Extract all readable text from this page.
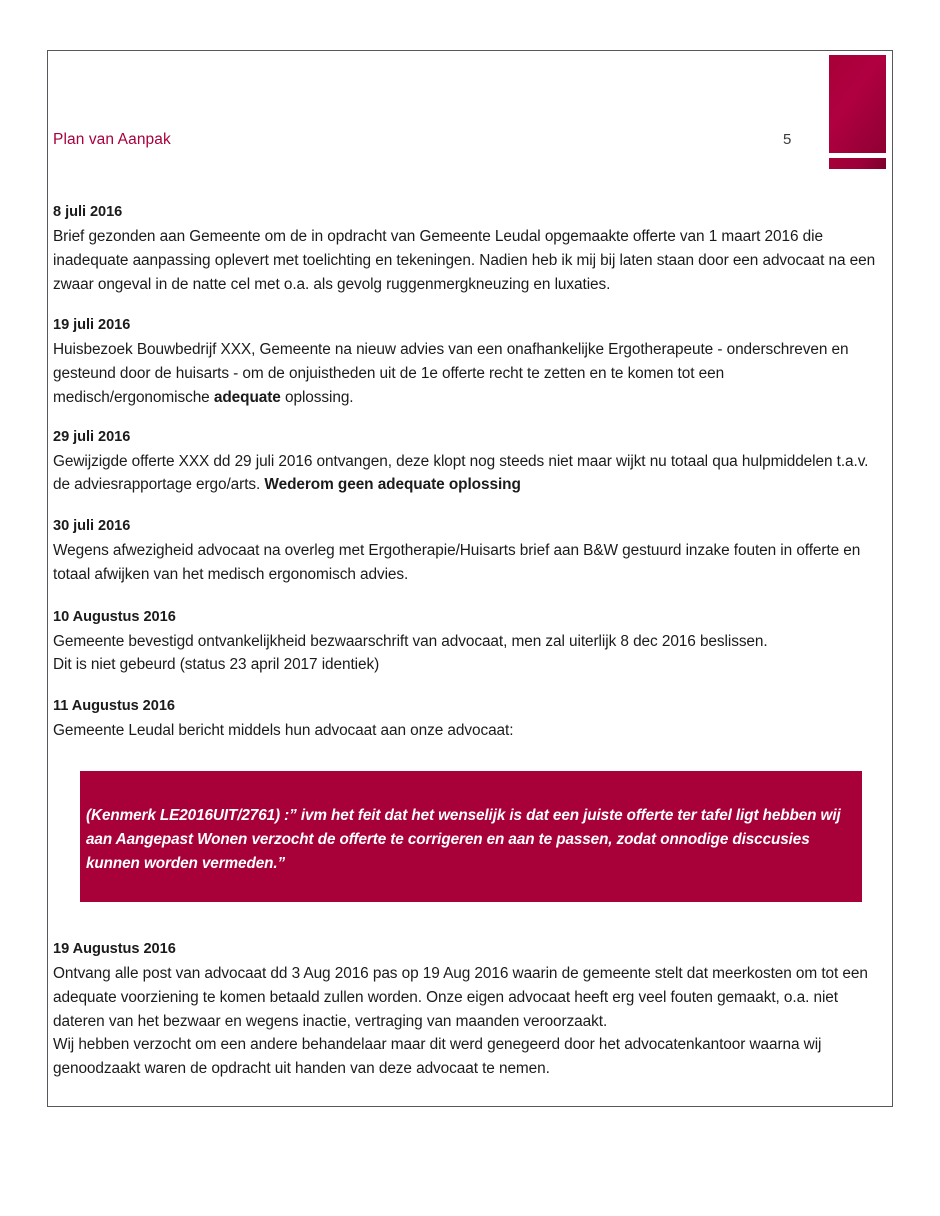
Plan van Aanpak	5

8 juli 2016

Brief gezonden aan Gemeente om de in opdracht van Gemeente Leudal opgemaakte offerte van 1 maart 2016 die inadequate aanpassing oplevert met toelichting en tekeningen. Nadien heb ik mij bij laten staan door een advocaat na een zwaar ongeval in de natte cel met o.a. als gevolg ruggenmergkneuzing en luxaties.

19 juli 2016

Huisbezoek Bouwbedrijf XXX, Gemeente na nieuw advies van een onafhankelijke Ergotherapeute - onderschreven en gesteund door de huisarts - om de onjuistheden uit de 1e offerte recht te zetten en te komen tot een medisch/ergonomische adequate oplossing.

29 juli 2016

Gewijzigde offerte XXX dd 29 juli 2016 ontvangen, deze klopt nog steeds niet maar wijkt nu totaal qua hulpmiddelen t.a.v. de adviesrapportage ergo/arts. Wederom geen adequate oplossing

30 juli 2016

Wegens afwezigheid advocaat na overleg met Ergotherapie/Huisarts brief aan B&W gestuurd inzake fouten in offerte en totaal afwijken van het medisch ergonomisch advies.

10 Augustus 2016

Gemeente bevestigd ontvankelijkheid bezwaarschrift van advocaat, men zal uiterlijk 8 dec 2016 beslissen.

Dit is niet gebeurd (status 23 april 2017 identiek)

11 Augustus 2016

Gemeente Leudal bericht middels hun advocaat aan onze advocaat:

(Kenmerk LE2016UIT/2761) :” ivm het feit dat het wenselijk is dat een juiste offerte ter tafel ligt hebben wij aan Aangepast Wonen verzocht de offerte te corrigeren en aan te passen, zodat onnodige disccusies kunnen worden vermeden.”

19 Augustus 2016

Ontvang alle post van advocaat dd 3 Aug 2016 pas op 19 Aug 2016 waarin de gemeente stelt dat meerkosten om tot een adequate voorziening te komen betaald zullen worden. Onze eigen advocaat heeft erg veel fouten gemaakt, o.a. niet dateren van het bezwaar en wegens inactie, vertraging van maanden veroorzaakt.

Wij hebben verzocht om een andere behandelaar maar dit werd genegeerd door het advocatenkantoor waarna wij genoodzaakt waren de opdracht uit handen van deze advocaat te nemen.
